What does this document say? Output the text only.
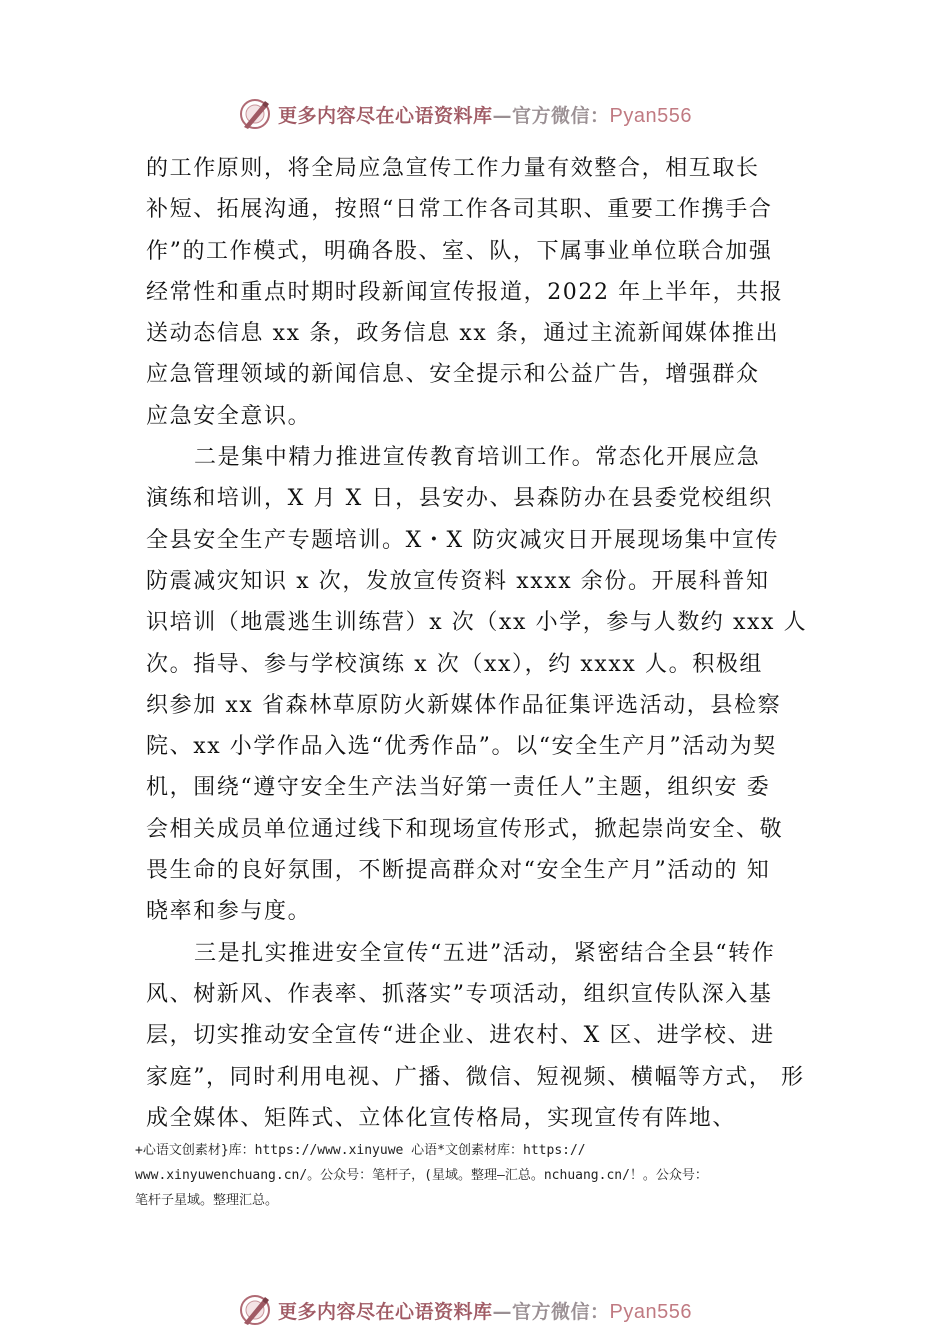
更多内容尽在心语资料库—官方微信：Pyan556
的工作原则，将全局应急宣传工作力量有效整合，相互取长
补短、拓展沟通，按照“日常工作各司其职、重要工作携手合
作”的工作模式，明确各股、室、队，下属事业单位联合加强
经常性和重点时期时段新闻宣传报道，2022 年上半年，共报
送动态信息 xx 条，政务信息 xx 条，通过主流新闻媒体推出
应急管理领域的新闻信息、安全提示和公益广告，增强群众
应急安全意识。
二是集中精力推进宣传教育培训工作。常态化开展应急
演练和培训，X 月 X 日，县安办、县森防办在县委党校组织
全县安全生产专题培训。X・X 防灾减灾日开展现场集中宣传
防震减灾知识 x 次，发放宣传资料 xxxx 余份。开展科普知
识培训（地震逃生训练营）x 次（xx 小学，参与人数约 xxx 人
次。指导、参与学校演练 x 次（xx），约 xxxx 人。积极组
织参加 xx 省森林草原防火新媒体作品征集评选活动，县检察
院、xx 小学作品入选“优秀作品”。以“安全生产月”活动为契
机，围绕“遵守安全生产法当好第一责任人”主题，组织安 委
会相关成员单位通过线下和现场宣传形式，掀起崇尚安全、敬
畏生命的良好氛围，不断提高群众对“安全生产月”活动的 知
晓率和参与度。
三是扎实推进安全宣传“五进”活动，紧密结合全县“转作
风、树新风、作表率、抓落实”专项活动，组织宣传队深入基
层，切实推动安全宣传“进企业、进农村、X 区、进学校、进
家庭”，同时利用电视、广播、微信、短视频、横幅等方式， 形
成全媒体、矩阵式、立体化宣传格局，实现宣传有阵地、
+心语文创素材}库：https://www.xinyuwe 心语*文创素材库：https://
www.xinyuwenchuang.cn/。公众号：笔杆子，(星域。整理—汇总。nchuang.cn/！。公众号：
笔杆子星域。整理汇总。
更多内容尽在心语资料库—官方微信：Pyan556
